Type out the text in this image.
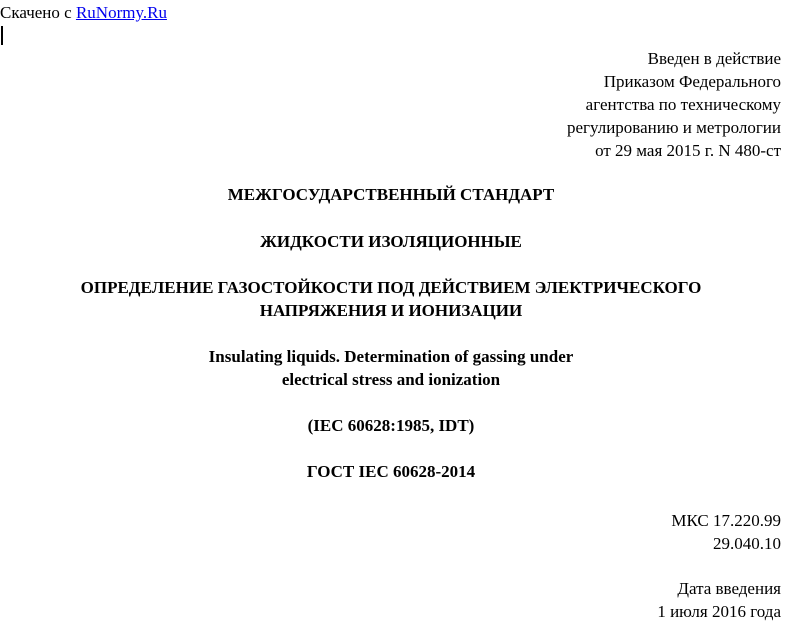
Скачено с RuNormy.Ru
Введен в действие
Приказом Федерального
агентства по техническому
регулированию и метрологии
от 29 мая 2015 г. N 480-ст
МЕЖГОСУДАРСТВЕННЫЙ СТАНДАРТ
ЖИДКОСТИ ИЗОЛЯЦИОННЫЕ
ОПРЕДЕЛЕНИЕ ГАЗОСТОЙКОСТИ ПОД ДЕЙСТВИЕМ ЭЛЕКТРИЧЕСКОГО
НАПРЯЖЕНИЯ И ИОНИЗАЦИИ
Insulating liquids. Determination of gassing under
electrical stress and ionization
(IEC 60628:1985, IDT)
ГОСТ IEC 60628-2014
МКС 17.220.99
29.040.10
Дата введения
1 июля 2016 года
